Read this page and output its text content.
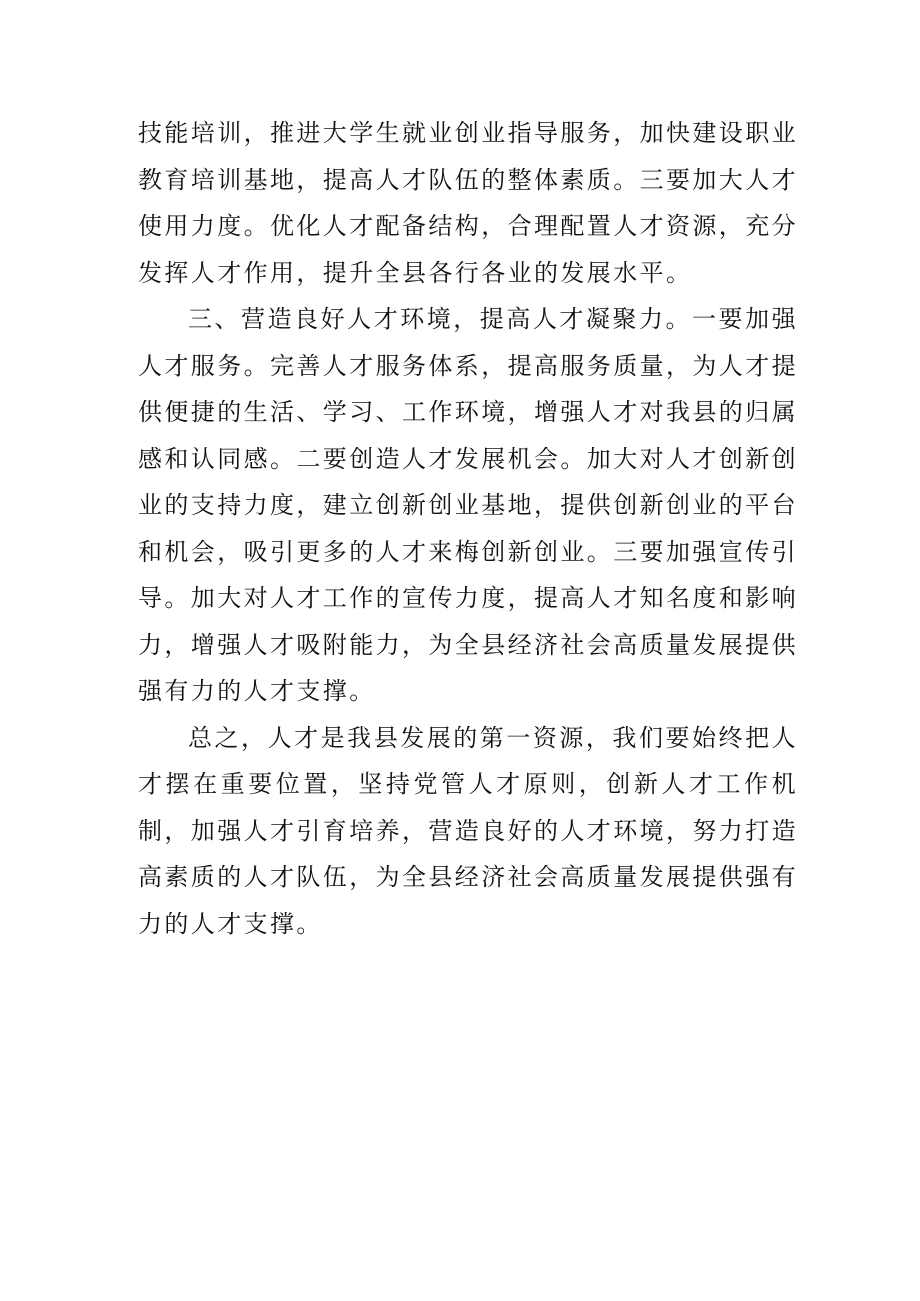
技能培训，推进大学生就业创业指导服务，加快建设职业教育培训基地，提高人才队伍的整体素质。三要加大人才使用力度。优化人才配备结构，合理配置人才资源，充分发挥人才作用，提升全县各行各业的发展水平。

三、营造良好人才环境，提高人才凝聚力。一要加强人才服务。完善人才服务体系，提高服务质量，为人才提供便捷的生活、学习、工作环境，增强人才对我县的归属感和认同感。二要创造人才发展机会。加大对人才创新创业的支持力度，建立创新创业基地，提供创新创业的平台和机会，吸引更多的人才来梅创新创业。三要加强宣传引导。加大对人才工作的宣传力度，提高人才知名度和影响力，增强人才吸附能力，为全县经济社会高质量发展提供强有力的人才支撑。

总之，人才是我县发展的第一资源，我们要始终把人才摆在重要位置，坚持党管人才原则，创新人才工作机制，加强人才引育培养，营造良好的人才环境，努力打造高素质的人才队伍，为全县经济社会高质量发展提供强有力的人才支撑。
